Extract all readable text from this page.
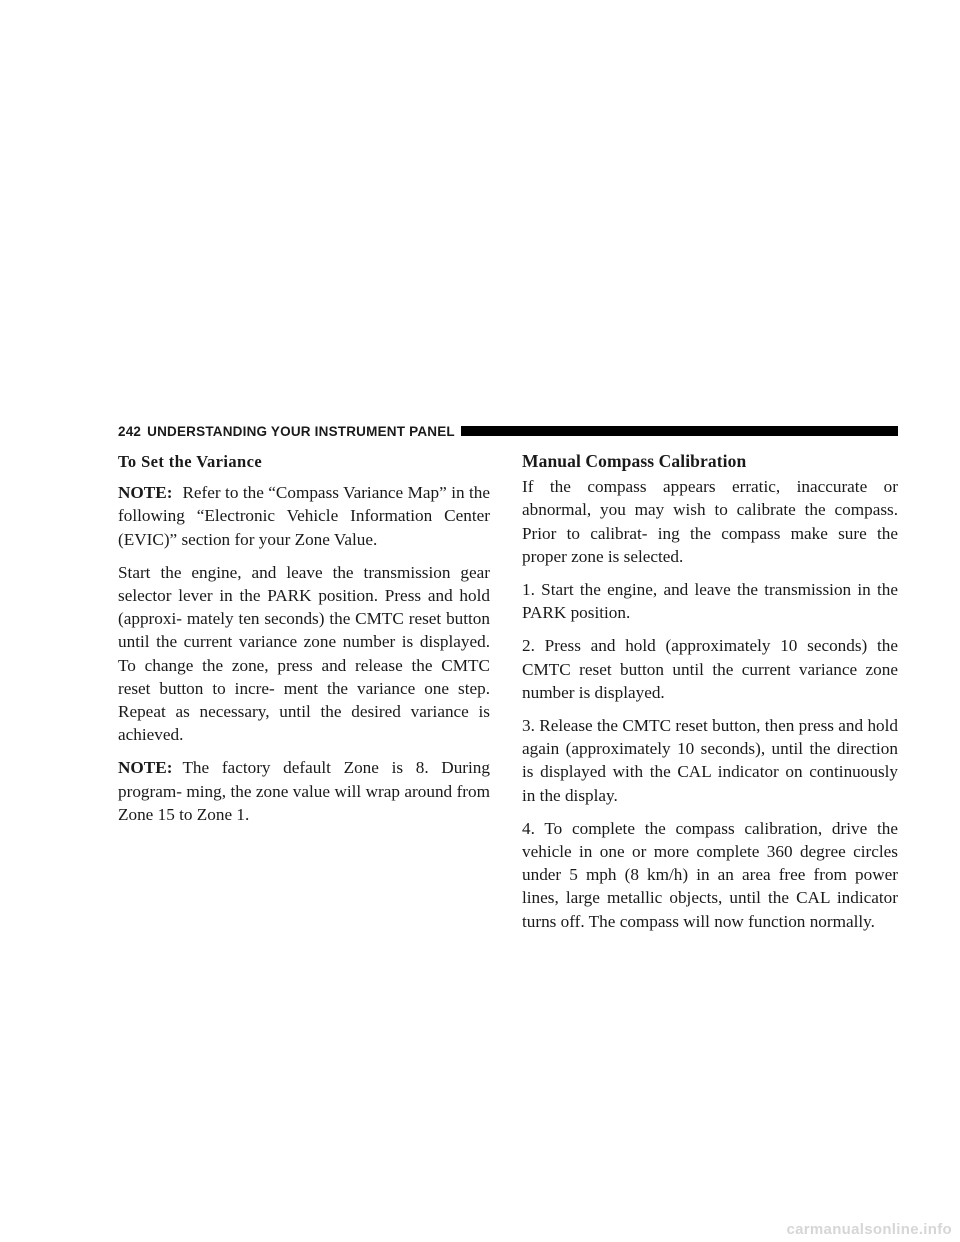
242 UNDERSTANDING YOUR INSTRUMENT PANEL
To Set the Variance

NOTE: Refer to the “Compass Variance Map” in the following “Electronic Vehicle Information Center (EVIC)” section for your Zone Value.

Start the engine, and leave the transmission gear selector lever in the PARK position. Press and hold (approxi- mately ten seconds) the CMTC reset button until the current variance zone number is displayed. To change the zone, press and release the CMTC reset button to incre- ment the variance one step. Repeat as necessary, until the desired variance is achieved.

NOTE: The factory default Zone is 8. During program- ming, the zone value will wrap around from Zone 15 to Zone 1.

Manual Compass Calibration

If the compass appears erratic, inaccurate or abnormal, you may wish to calibrate the compass. Prior to calibrat- ing the compass make sure the proper zone is selected.

1. Start the engine, and leave the transmission in the PARK position.

2. Press and hold (approximately 10 seconds) the CMTC reset button until the current variance zone number is displayed.

3. Release the CMTC reset button, then press and hold again (approximately 10 seconds), until the direction is displayed with the CAL indicator on continuously in the display.

4. To complete the compass calibration, drive the vehicle in one or more complete 360 degree circles under 5 mph (8 km/h) in an area free from power lines, large metallic objects, until the CAL indicator turns off. The compass will now function normally.

carmanualsonline.info
